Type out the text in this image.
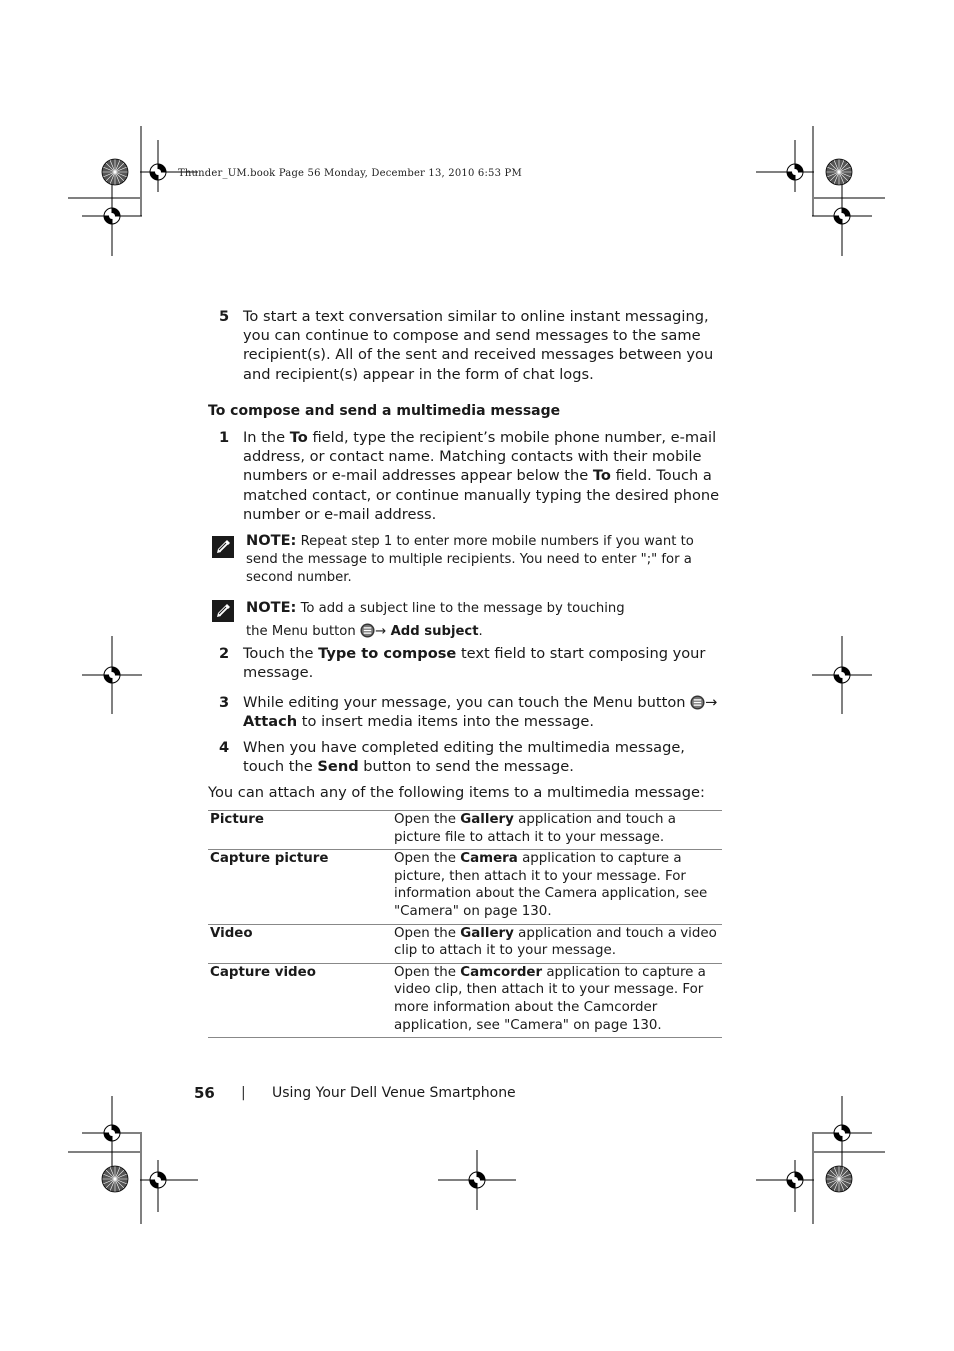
Thunder_UM.book Page 56 Monday, December 13, 2010 6:53 PM
5 To start a text conversation similar to online instant messaging, you can continue to compose and send messages to the same recipient(s). All of the sent and received messages between you and recipient(s) appear in the form of chat logs.
To compose and send a multimedia message
1 In the To field, type the recipient’s mobile phone number, e-mail address, or contact name. Matching contacts with their mobile numbers or e-mail addresses appear below the To field. Touch a matched contact, or continue manually typing the desired phone number or e-mail address.
NOTE: Repeat step 1 to enter more mobile numbers if you want to send the message to multiple recipients. You need to enter ";" for a second number.
NOTE: To add a subject line to the message by touching
the Menu button → Add subject.
2 Touch the Type to compose text field to start composing your message.
3 While editing your message, you can touch the Menu button →
Attach to insert media items into the message.
4 When you have completed editing the multimedia message, touch the Send button to send the message.
You can attach any of the following items to a multimedia message:
Picture	Open the Gallery application and touch a picture file to attach it to your message.
Capture picture	Open the Camera application to capture a picture, then attach it to your message. For information about the Camera application, see "Camera" on page 130.
Video	Open the Gallery application and touch a video clip to attach it to your message.
Capture video	Open the Camcorder application to capture a video clip, then attach it to your message. For more information about the Camcorder application, see "Camera" on page 130.
56 | Using Your Dell Venue Smartphone
